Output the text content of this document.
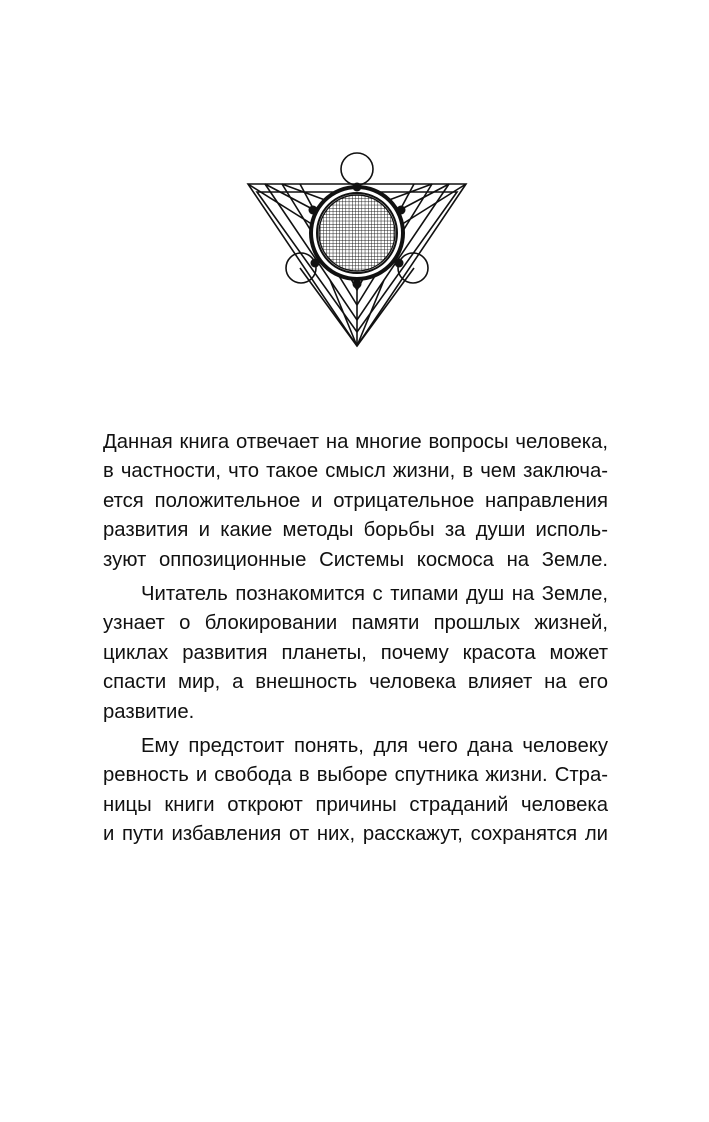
Данная книга отвечает на многие вопросы человека,
в частности, что такое смысл жизни, в чем заключа-
ется положительное и отрицательное направления
развития и какие методы борьбы за души исполь-
зуют оппозиционные Системы космоса на Земле.
Читатель познакомится с типами душ на Земле,
узнает о блокировании памяти прошлых жизней,
циклах развития планеты, почему красота может
спасти мир, а внешность человека влияет на его
развитие.
Ему предстоит понять, для чего дана человеку
ревность и свобода в выборе спутника жизни. Стра-
ницы книги откроют причины страданий человека
и пути избавления от них, расскажут, сохранятся ли
